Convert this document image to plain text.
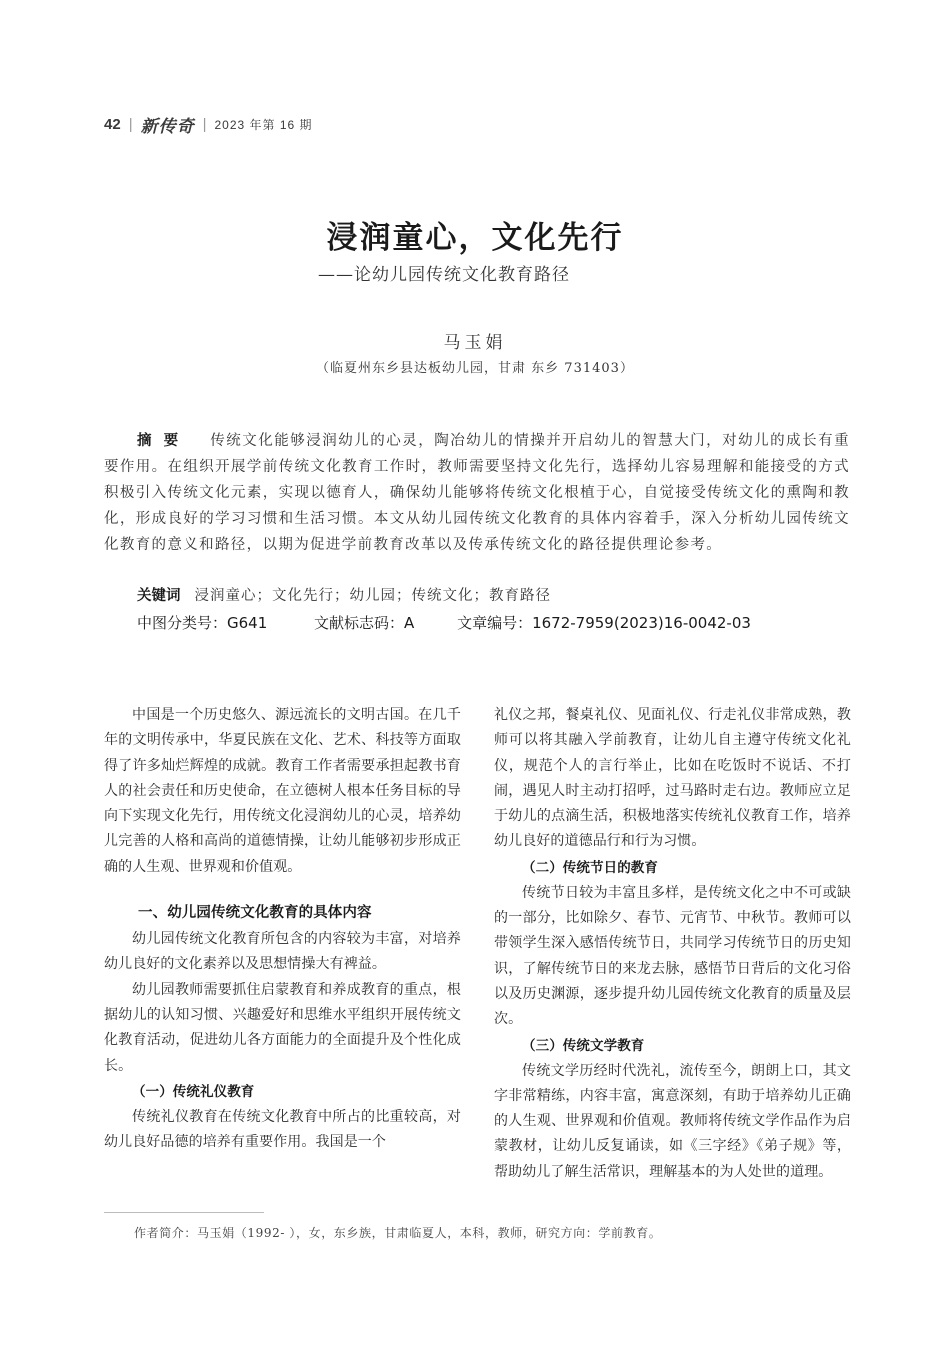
42 | 新传奇 | 2023 年第 16 期
浸润童心，文化先行
——论幼儿园传统文化教育路径
马玉娟
（临夏州东乡县达板幼儿园，甘肃 东乡 731403）
摘要 传统文化能够浸润幼儿的心灵，陶冶幼儿的情操并开启幼儿的智慧大门，对幼儿的成长有重要作用。在组织开展学前传统文化教育工作时，教师需要坚持文化先行，选择幼儿容易理解和能接受的方式积极引入传统文化元素，实现以德育人，确保幼儿能够将传统文化根植于心，自觉接受传统文化的熏陶和教化，形成良好的学习习惯和生活习惯。本文从幼儿园传统文化教育的具体内容着手，深入分析幼儿园传统文化教育的意义和路径，以期为促进学前教育改革以及传承传统文化的路径提供理论参考。
关键词 浸润童心；文化先行；幼儿园；传统文化；教育路径
中图分类号：G641	文献标志码：A	文章编号：1672-7959(2023)16-0042-03

中国是一个历史悠久、源远流长的文明古国。在几千年的文明传承中，华夏民族在文化、艺术、科技等方面取得了许多灿烂辉煌的成就。教育工作者需要承担起教书育人的社会责任和历史使命，在立德树人根本任务目标的导向下实现文化先行，用传统文化浸润幼儿的心灵，培养幼儿完善的人格和高尚的道德情操，让幼儿能够初步形成正确的人生观、世界观和价值观。

一、幼儿园传统文化教育的具体内容

幼儿园传统文化教育所包含的内容较为丰富，对培养幼儿良好的文化素养以及思想情操大有裨益。

幼儿园教师需要抓住启蒙教育和养成教育的重点，根据幼儿的认知习惯、兴趣爱好和思维水平组织开展传统文化教育活动，促进幼儿各方面能力的全面提升及个性化成长。

（一）传统礼仪教育

传统礼仪教育在传统文化教育中所占的比重较高，对幼儿良好品德的培养有重要作用。我国是一个

礼仪之邦，餐桌礼仪、见面礼仪、行走礼仪非常成熟，教师可以将其融入学前教育，让幼儿自主遵守传统文化礼仪，规范个人的言行举止，比如在吃饭时不说话、不打闹，遇见人时主动打招呼，过马路时走右边。教师应立足于幼儿的点滴生活，积极地落实传统礼仪教育工作，培养幼儿良好的道德品行和行为习惯。

（二）传统节日的教育

传统节日较为丰富且多样，是传统文化之中不可或缺的一部分，比如除夕、春节、元宵节、中秋节。教师可以带领学生深入感悟传统节日，共同学习传统节日的历史知识，了解传统节日的来龙去脉，感悟节日背后的文化习俗以及历史渊源，逐步提升幼儿园传统文化教育的质量及层次。

（三）传统文学教育

传统文学历经时代洗礼，流传至今，朗朗上口，其文字非常精练，内容丰富，寓意深刻，有助于培养幼儿正确的人生观、世界观和价值观。教师将传统文学作品作为启蒙教材，让幼儿反复诵读，如《三字经》《弟子规》等，帮助幼儿了解生活常识，理解基本的为人处世的道理。

作者简介：马玉娟（1992- ），女，东乡族，甘肃临夏人，本科，教师，研究方向：学前教育。
